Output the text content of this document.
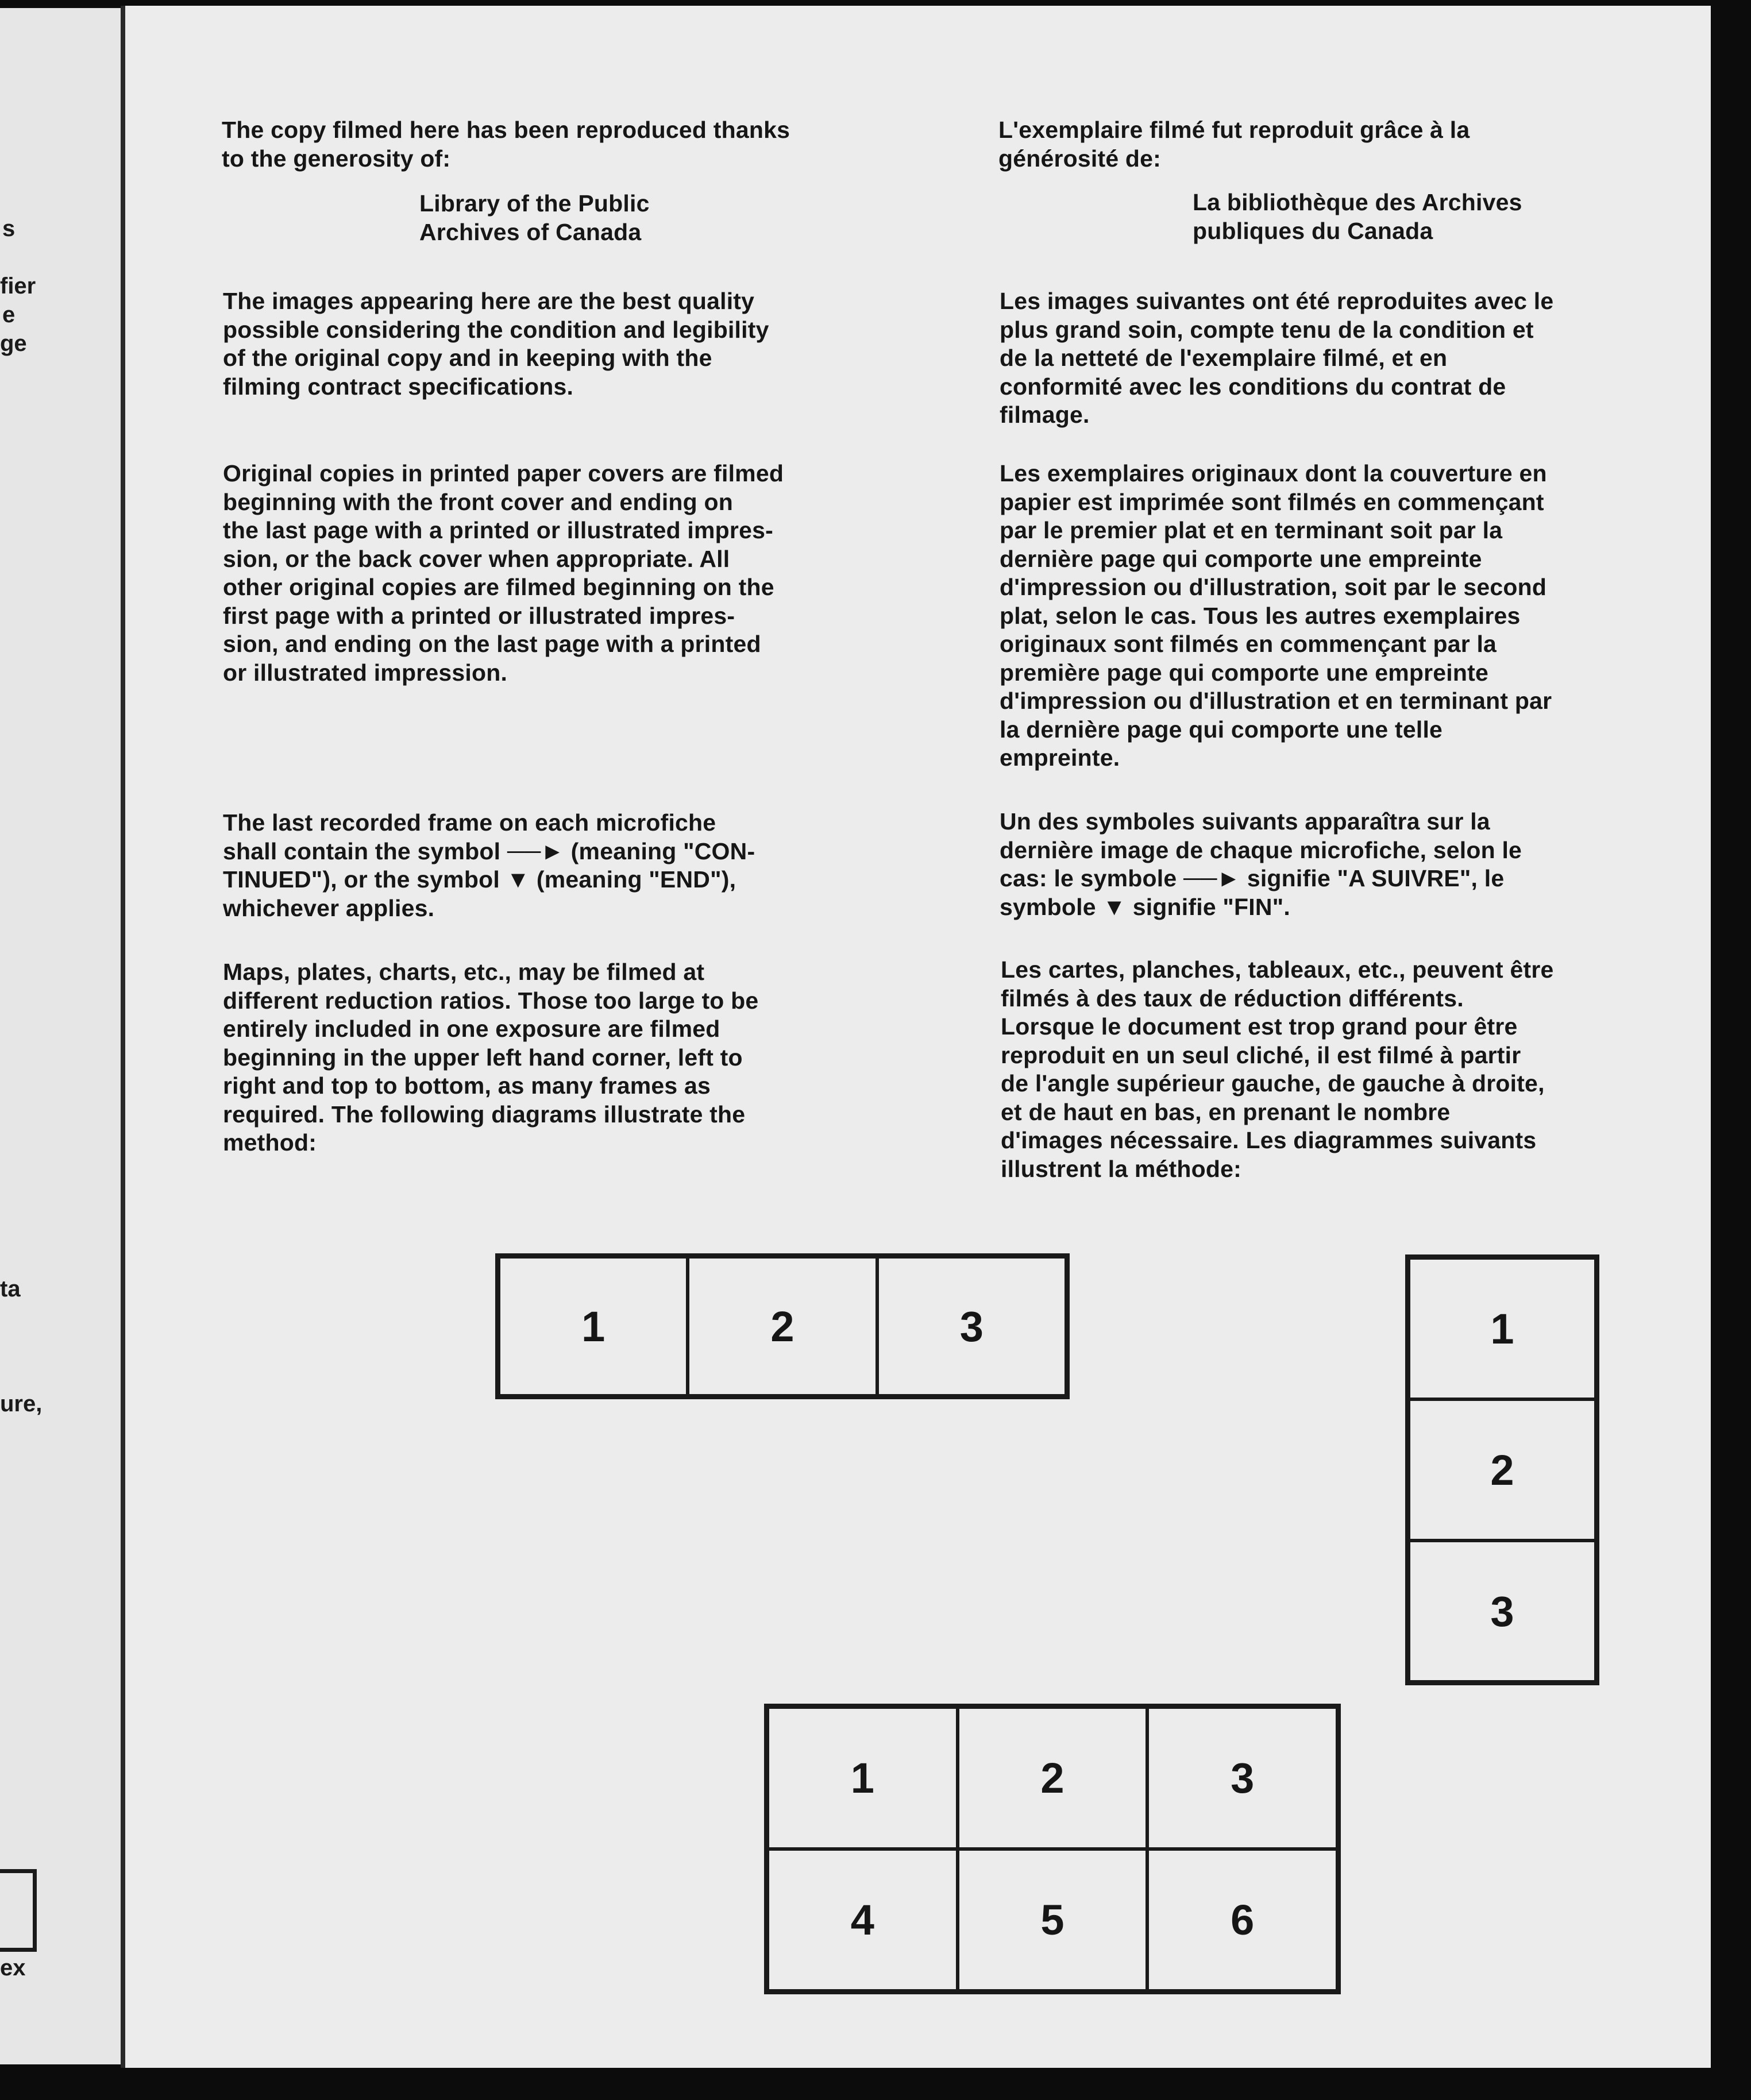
s
fier
e
ge
ta
ure,
ex
The copy filmed here has been reproduced thanks
to the generosity of:
Library of the Public
Archives of Canada
The images appearing here are the best quality
possible considering the condition and legibility
of the original copy and in keeping with the
filming contract specifications.
Original copies in printed paper covers are filmed
beginning with the front cover and ending on
the last page with a printed or illustrated impres-
sion, or the back cover when appropriate. All
other original copies are filmed beginning on the
first page with a printed or illustrated impres-
sion, and ending on the last page with a printed
or illustrated impression.
The last recorded frame on each microfiche
shall contain the symbol ──► (meaning "CON-
TINUED"), or the symbol ▼ (meaning "END"),
whichever applies.
Maps, plates, charts, etc., may be filmed at
different reduction ratios. Those too large to be
entirely included in one exposure are filmed
beginning in the upper left hand corner, left to
right and top to bottom, as many frames as
required. The following diagrams illustrate the
method:
L'exemplaire filmé fut reproduit grâce à la
générosité de:
La bibliothèque des Archives
publiques du Canada
Les images suivantes ont été reproduites avec le
plus grand soin, compte tenu de la condition et
de la netteté de l'exemplaire filmé, et en
conformité avec les conditions du contrat de
filmage.
Les exemplaires originaux dont la couverture en
papier est imprimée sont filmés en commençant
par le premier plat et en terminant soit par la
dernière page qui comporte une empreinte
d'impression ou d'illustration, soit par le second
plat, selon le cas. Tous les autres exemplaires
originaux sont filmés en commençant par la
première page qui comporte une empreinte
d'impression ou d'illustration et en terminant par
la dernière page qui comporte une telle
empreinte.
Un des symboles suivants apparaîtra sur la
dernière image de chaque microfiche, selon le
cas: le symbole ──► signifie "A SUIVRE", le
symbole ▼ signifie "FIN".
Les cartes, planches, tableaux, etc., peuvent être
filmés à des taux de réduction différents.
Lorsque le document est trop grand pour être
reproduit en un seul cliché, il est filmé à partir
de l'angle supérieur gauche, de gauche à droite,
et de haut en bas, en prenant le nombre
d'images nécessaire. Les diagrammes suivants
illustrent la méthode:
1	2	3	1
2
3
1	2	3
4	5	6
